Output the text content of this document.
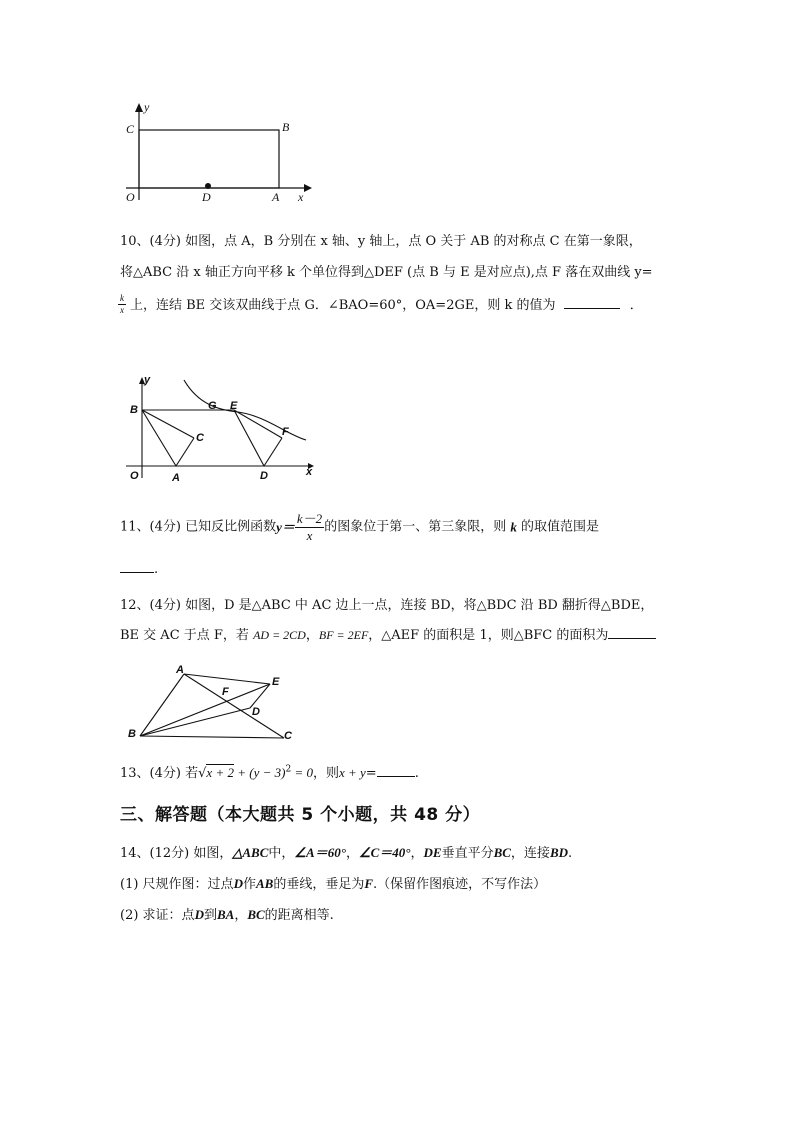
y
C	B
O	D	A x
10、(4分) 如图，点 A，B 分别在 x 轴、y 轴上，点 O 关于 AB 的对称点 C 在第一象限，
将△ABC 沿 x 轴正方向平移 k 个单位得到△DEF (点 B 与 E 是对应点),点 F 落在双曲线 y=
$\frac{k}{x}$ 上，连结 BE 交该双曲线于点 G．∠BAO=60°，OA=2GE，则 k 的值为	．
y
B	G E
C	F
O	A	D	x
11、(4分) 已知反比例函数$y= \frac{k-2}{x}$ 的图象位于第一、第三象限，则 k 的取值范围是
.
12、(4分) 如图，D 是△ABC 中 AC 边上一点，连接 BD，将△BDC 沿 BD 翻折得△BDE，
BE 交 AC 于点 F，若 AD = 2CD，BF = 2EF，△AEF 的面积是 1，则△BFC 的面积为
A
E
F
D
B	C
13、(4分) 若$√x + 2 + (y - 3)^2 = 0$，则x + y=	.
三、解答题（本大题共 5 个小题，共 48 分）
14、(12分) 如图，△ABC中，∠A＝60°，∠C＝40°，DE垂直平分BC，连接BD.
(1) 尺规作图：过点D作AB的垂线，垂足为F.（保留作图痕迹，不写作法）
(2) 求证：点D到BA，BC的距离相等.
